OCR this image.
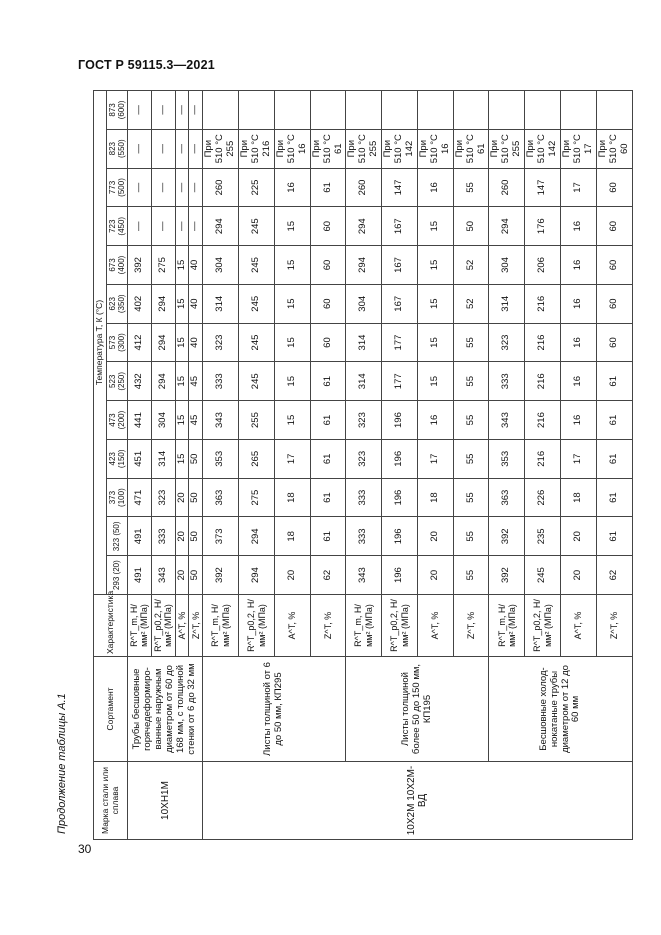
ГОСТ Р 59115.3—2021
Продолжение таблицы А.1
30
Марка стали или сплава	Сортамент	Характеристика	Температура Т, К (°С)												
			293 (20)	323 (50)	373 (100)	423 (150)	473 (200)	523 (250)	573 (300)	623 (350)	673 (400)	723 (450)	773 (500)	823 (550)	873 (600)
10ХН1М	Трубы бесшовные горячедеформиро-ванные наружным диаметром от 60 до 168 мм, с толщиной стенки от 6 до 32 мм	R^T_m, Н/мм² (МПа)	491	491	471	451	441	432	412	402	392	—	—	—	—
		R^T_p0,2, Н/мм² (МПа)	343	333	323	314	304	294	294	294	275	—	—	—	—
		A^T, %	20	20	20	15	15	15	15	15	15	—	—	—	—
		Z^T, %	50	50	50	50	45	45	40	40	40	—	—	—	—
10Х2М 10Х2М-ВД	Листы толщиной от 6 до 50 мм, КП295	R^T_m, Н/мм² (МПа)	392	373	363	353	343	333	323	314	304	294	260	При 510 °С 255	
		R^T_p0,2, Н/мм² (МПа)	294	294	275	265	255	245	245	245	245	245	225	При 510 °С 216	
		A^T, %	20	18	18	17	15	15	15	15	15	15	16	При 510 °С 16	
		Z^T, %	62	61	61	61	61	61	60	60	60	60	61	При 510 °С 61	
	Листы толщиной более 50 до 150 мм, КП195	R^T_m, Н/мм² (МПа)	343	333	333	323	323	314	314	304	294	294	260	При 510 °С 255	
		R^T_p0,2, Н/мм² (МПа)	196	196	196	196	196	177	177	167	167	167	147	При 510 °С 142	
		A^T, %	20	20	18	17	16	15	15	15	15	15	16	При 510 °С 16	
		Z^T, %	55	55	55	55	55	55	55	52	52	50	55	При 510 °С 61	
	Бесшовные холод-нокатаные трубы диаметром от 12 до 60 мм	R^T_m, Н/мм² (МПа)	392	392	363	353	343	333	323	314	304	294	260	При 510 °С 255	
		R^T_p0,2, Н/мм² (МПа)	245	235	226	216	216	216	216	216	206	176	147	При 510 °С 142	
		A^T, %	20	20	18	17	16	16	16	16	16	16	17	При 510 °С 17	
		Z^T, %	62	61	61	61	61	61	60	60	60	60	60	При 510 °С 60	
